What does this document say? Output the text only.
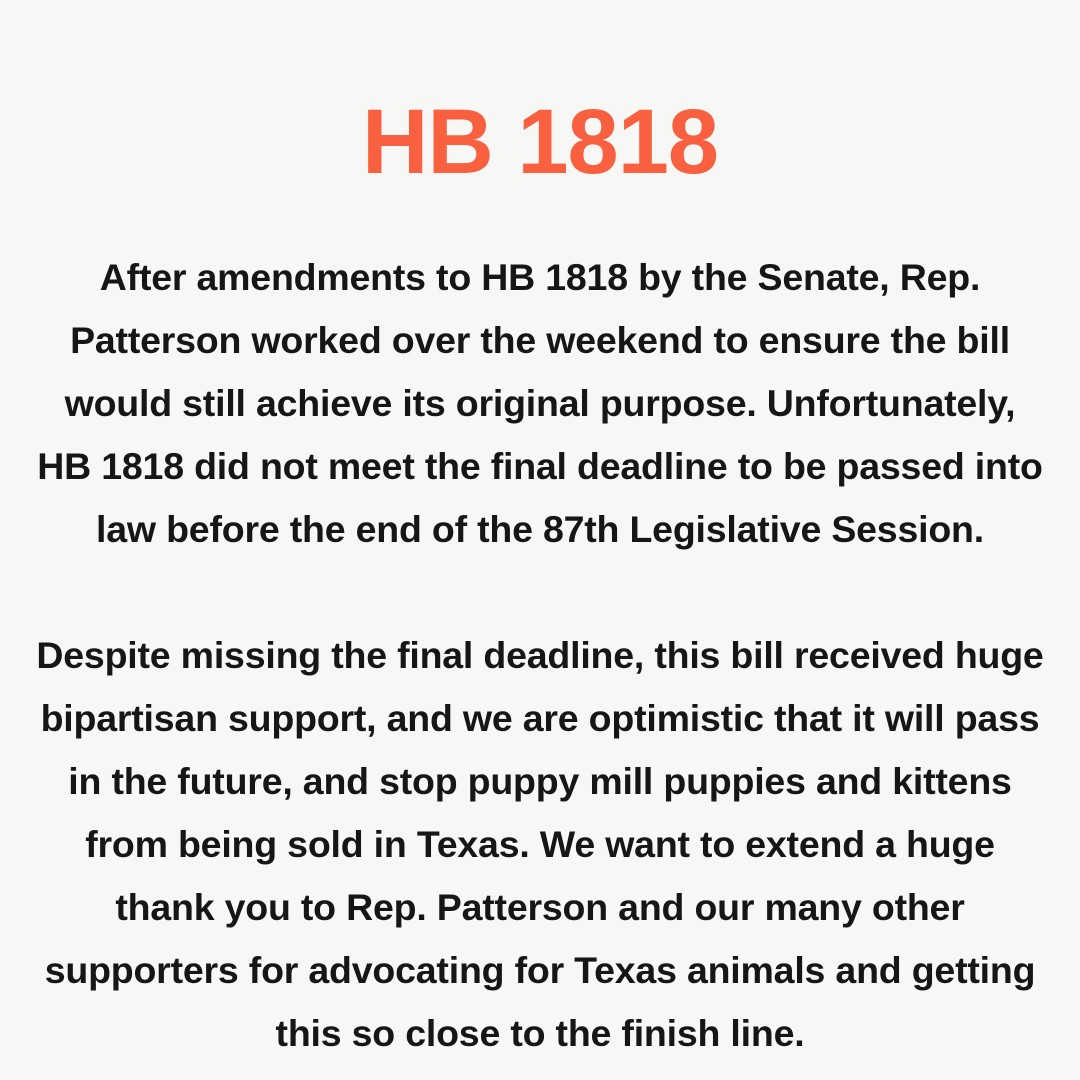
HB 1818

After amendments to HB 1818 by the Senate, Rep. Patterson worked over the weekend to ensure the bill would still achieve its original purpose. Unfortunately, HB 1818 did not meet the final deadline to be passed into law before the end of the 87th Legislative Session.

Despite missing the final deadline, this bill received huge bipartisan support, and we are optimistic that it will pass in the future, and stop puppy mill puppies and kittens from being sold in Texas. We want to extend a huge thank you to Rep. Patterson and our many other supporters for advocating for Texas animals and getting this so close to the finish line.
